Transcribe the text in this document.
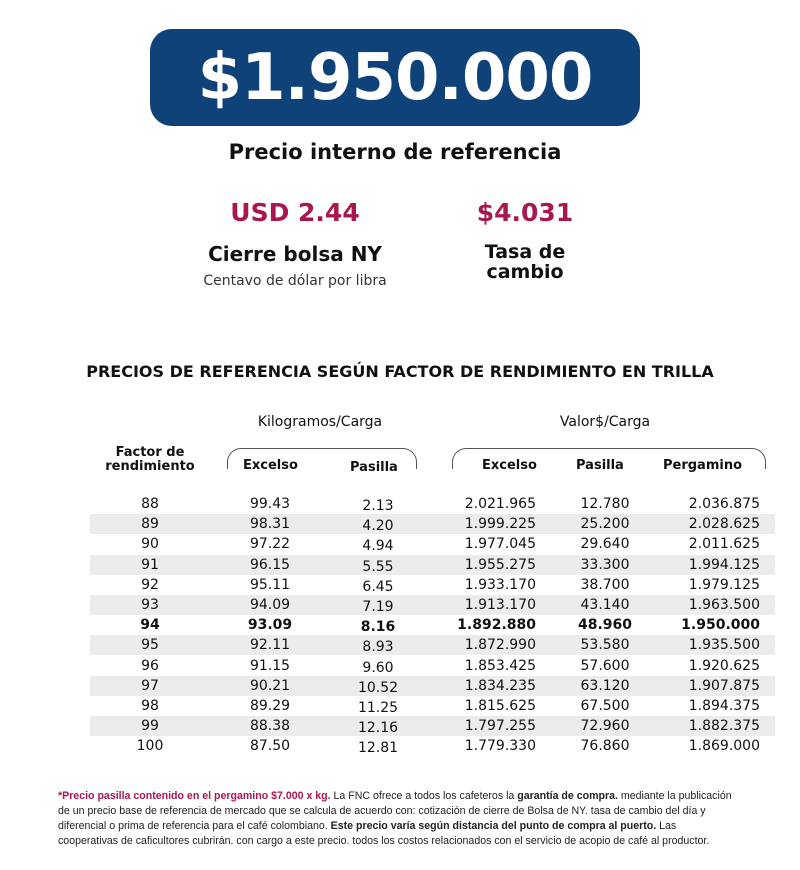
$1.950.000
Precio interno de referencia
USD 2.44
Cierre bolsa NY
Centavo de dólar por libra
$4.031
Tasa de
cambio
PRECIOS DE REFERENCIA SEGÚN FACTOR DE RENDIMIENTO EN TRILLA
Kilogramos/Carga	Valor$/Carga
Factor de
rendimiento	Excelso	Pasilla	Excelso	Pasilla	Pergamino
88	99.43	2.13	2.021.965	12.780	2.036.875
89	98.31	4.20	1.999.225	25.200	2.028.625
90	97.22	4.94	1.977.045	29.640	2.011.625
91	96.15	5.55	1.955.275	33.300	1.994.125
92	95.11	6.45	1.933.170	38.700	1.979.125
93	94.09	7.19	1.913.170	43.140	1.963.500
94	93.09	8.16	1.892.880	48.960	1.950.000
95	92.11	8.93	1.872.990	53.580	1.935.500
96	91.15	9.60	1.853.425	57.600	1.920.625
97	90.21	10.52	1.834.235	63.120	1.907.875
98	89.29	11.25	1.815.625	67.500	1.894.375
99	88.38	12.16	1.797.255	72.960	1.882.375
100	87.50	12.81	1.779.330	76.860	1.869.000
*Precio pasilla contenido en el pergamino $7.000 x kg. La FNC ofrece a todos los cafeteros la garantía de compra. mediante la publicación de un precio base de referencia de mercado que se calcula de acuerdo con: cotización de cierre de Bolsa de NY. tasa de cambio del día y diferencial o prima de referencia para el café colombiano. Este precio varía según distancia del punto de compra al puerto. Las cooperativas de caficultores cubrirán. con cargo a este precio. todos los costos relacionados con el servicio de acopio de café al productor.
